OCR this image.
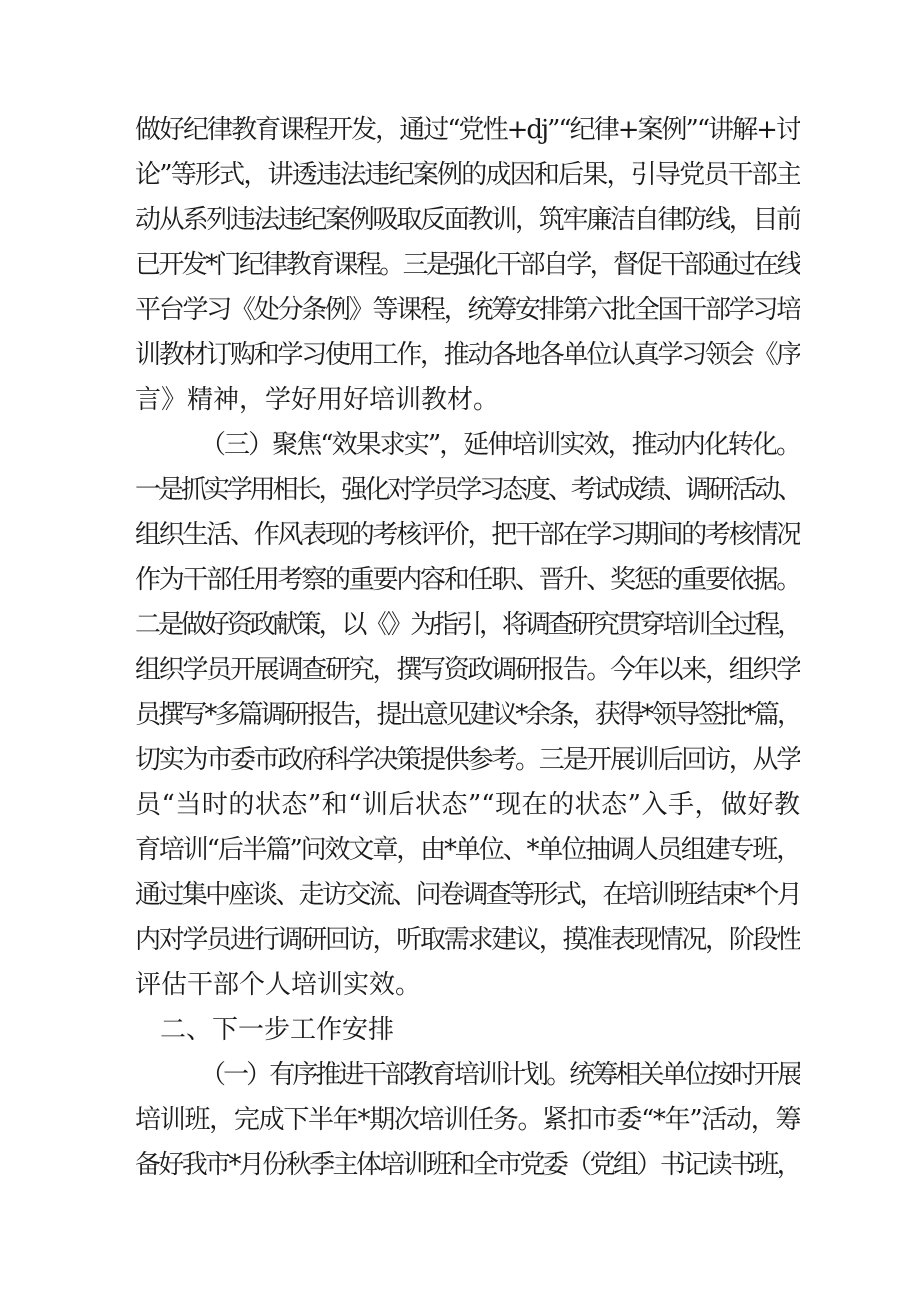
做好纪律教育课程开发，通过“党性+dj”“纪律+案例”“讲解+讨
论”等形式，讲透违法违纪案例的成因和后果，引导党员干部主
动从系列违法违纪案例吸取反面教训，筑牢廉洁自律防线，目前
已开发*门纪律教育课程。三是强化干部自学，督促干部通过在线
平台学习《处分条例》等课程，统筹安排第六批全国干部学习培
训教材订购和学习使用工作，推动各地各单位认真学习领会《序
言》精神，学好用好培训教材。
（三）聚焦“效果求实”，延伸培训实效，推动内化转化。
一是抓实学用相长，强化对学员学习态度、考试成绩、调研活动、
组织生活、作风表现的考核评价，把干部在学习期间的考核情况
作为干部任用考察的重要内容和任职、晋升、奖惩的重要依据。
二是做好资政献策，以《》为指引，将调查研究贯穿培训全过程，
组织学员开展调查研究，撰写资政调研报告。今年以来，组织学
员撰写*多篇调研报告，提出意见建议*余条，获得*领导签批*篇，
切实为市委市政府科学决策提供参考。三是开展训后回访，从学
员“当时的状态”和“训后状态”“现在的状态”入手，做好教
育培训“后半篇”问效文章，由*单位、*单位抽调人员组建专班，
通过集中座谈、走访交流、问卷调查等形式，在培训班结束*个月
内对学员进行调研回访，听取需求建议，摸准表现情况，阶段性
评估干部个人培训实效。
二、下一步工作安排
（一）有序推进干部教育培训计划。统筹相关单位按时开展
培训班，完成下半年*期次培训任务。紧扣市委“*年”活动，筹
备好我市*月份秋季主体培训班和全市党委（党组）书记读书班，
